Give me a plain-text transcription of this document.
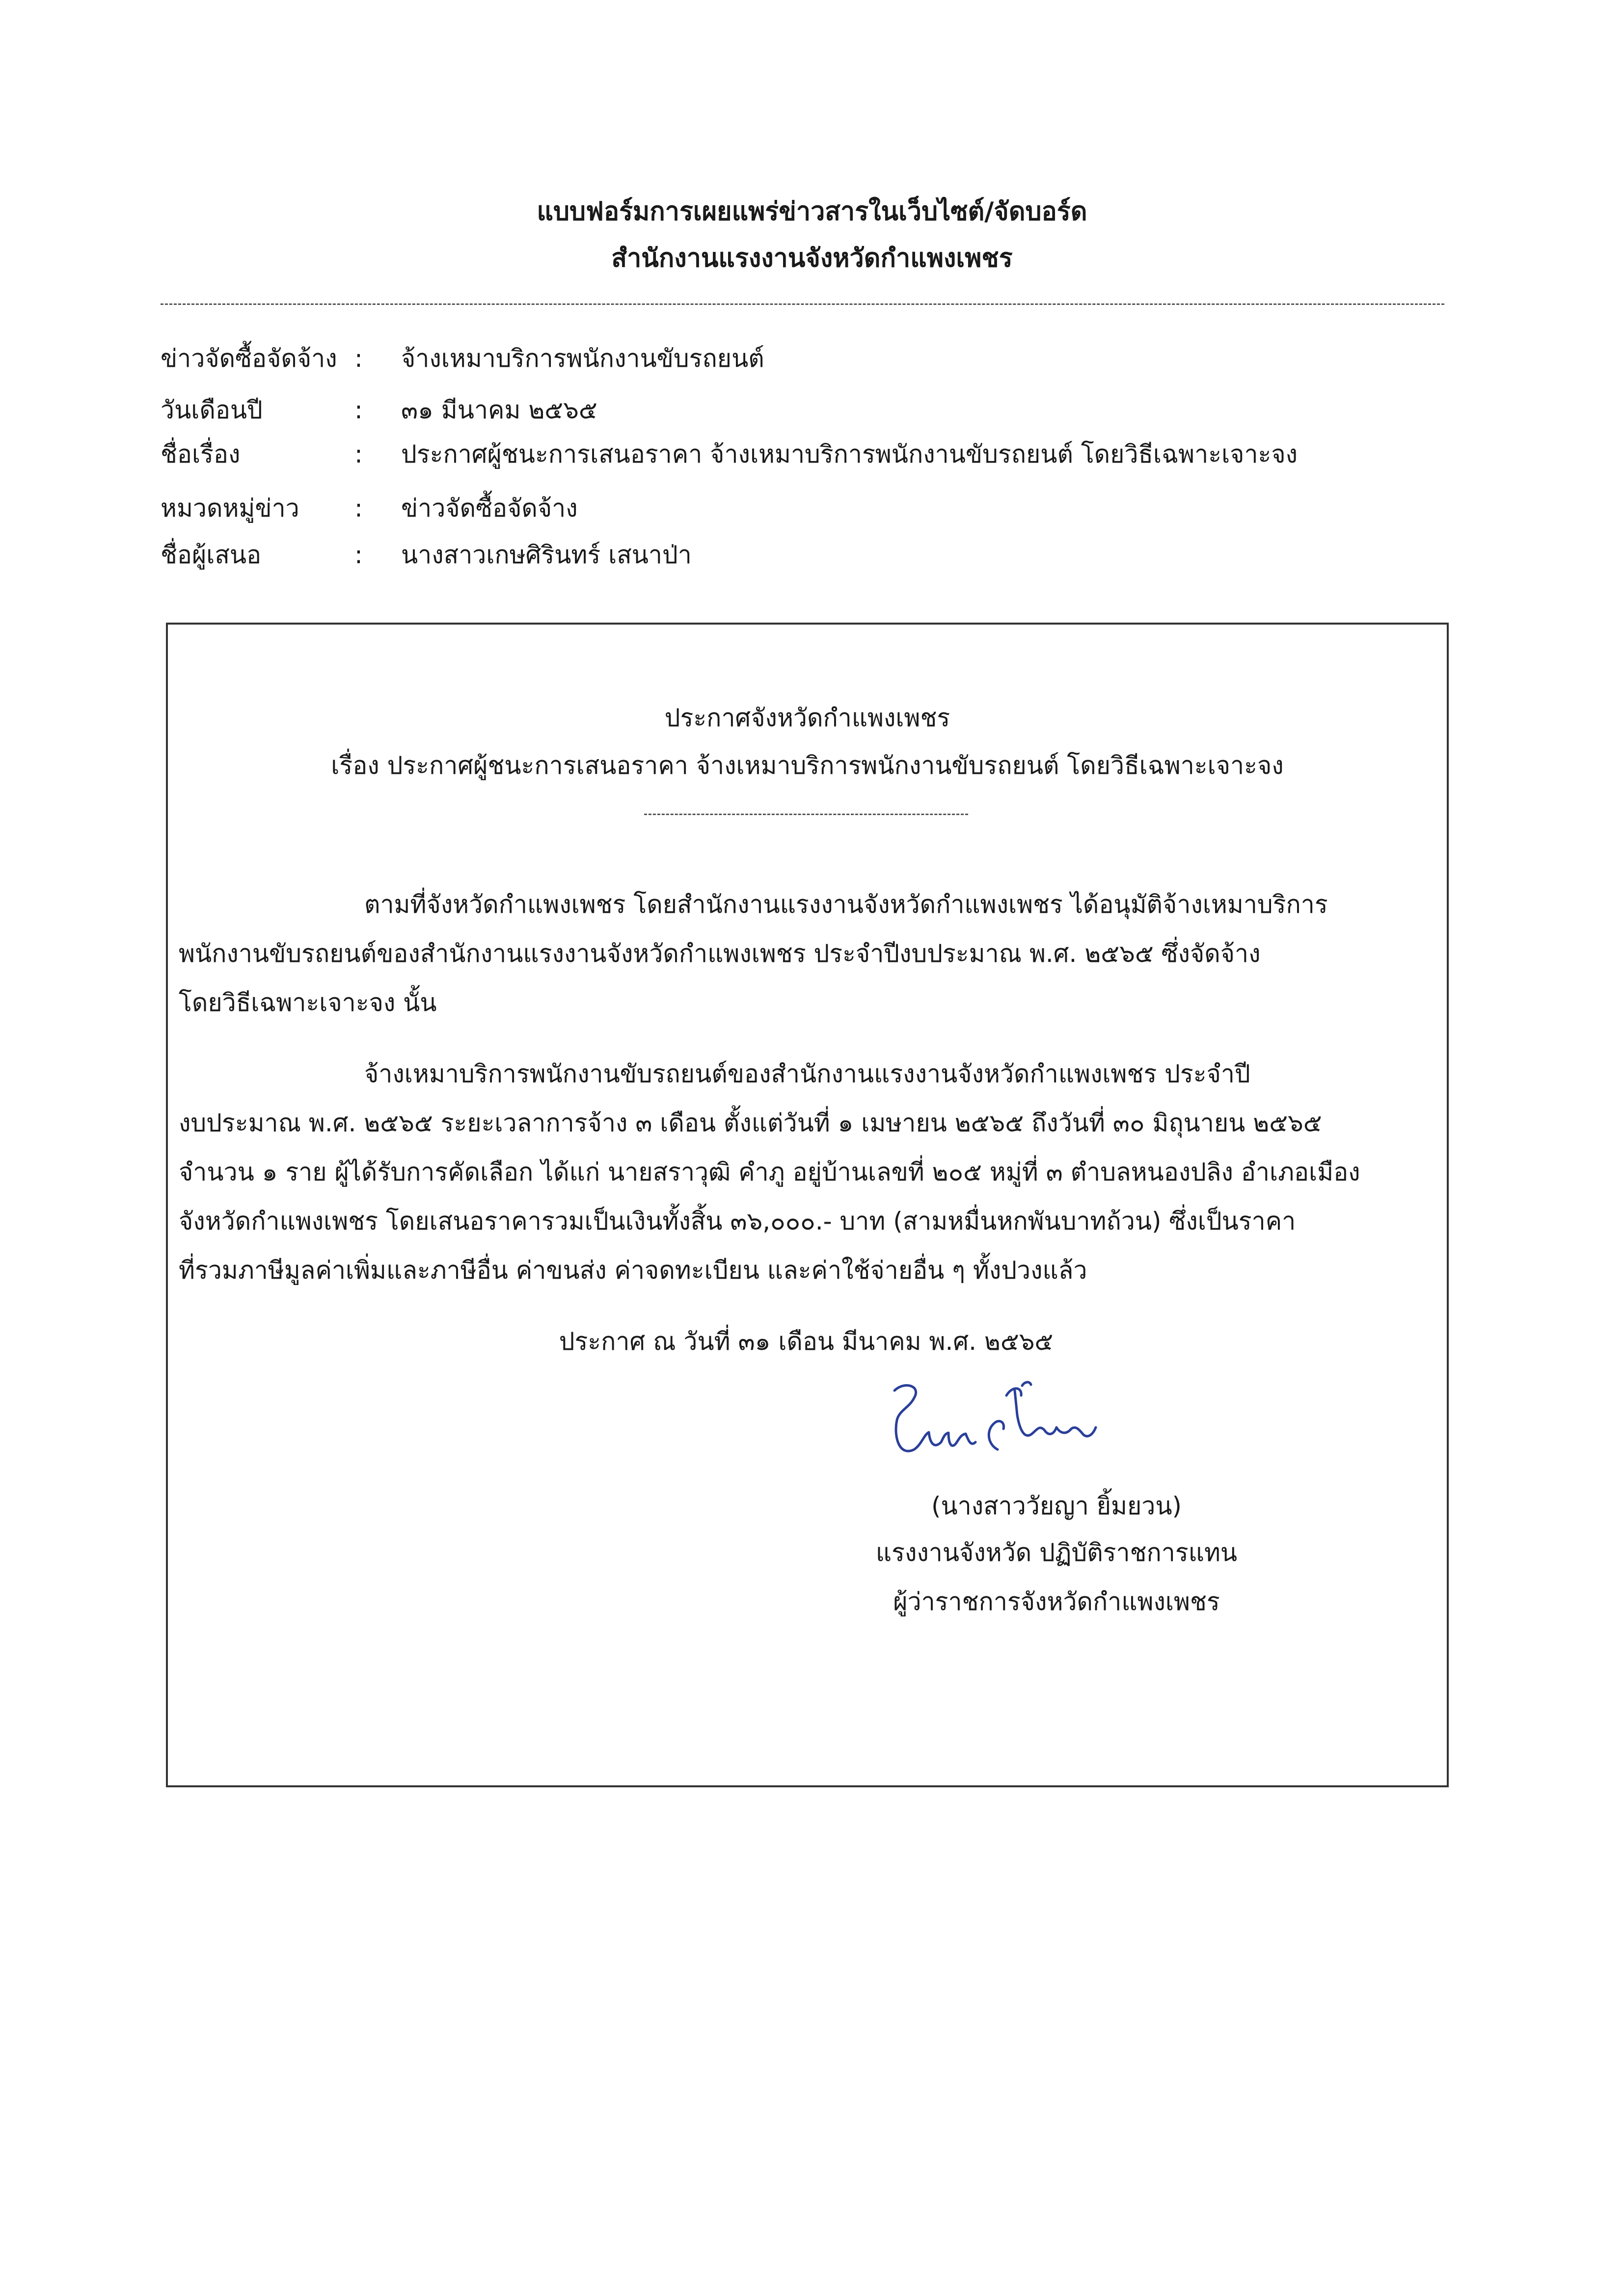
แบบฟอร์มการเผยแพร่ข่าวสารในเว็บไซต์/จัดบอร์ด
สำนักงานแรงงานจังหวัดกำแพงเพชร
ข่าวจัดซื้อจัดจ้าง : จ้างเหมาบริการพนักงานขับรถยนต์
วันเดือนปี	: ๓๑ มีนาคม ๒๕๖๕
ชื่อเรื่อง	: ประกาศผู้ชนะการเสนอราคา จ้างเหมาบริการพนักงานขับรถยนต์ โดยวิธีเฉพาะเจาะจง
หมวดหมู่ข่าว : ข่าวจัดซื้อจัดจ้าง
ชื่อผู้เสนอ	: นางสาวเกษศิรินทร์ เสนาป่า
ประกาศจังหวัดกำแพงเพชร
เรื่อง ประกาศผู้ชนะการเสนอราคา จ้างเหมาบริการพนักงานขับรถยนต์ โดยวิธีเฉพาะเจาะจง
ตามที่จังหวัดกำแพงเพชร โดยสำนักงานแรงงานจังหวัดกำแพงเพชร ได้อนุมัติจ้างเหมาบริการ
พนักงานขับรถยนต์ของสำนักงานแรงงานจังหวัดกำแพงเพชร ประจำปีงบประมาณ พ.ศ. ๒๕๖๕ ซึ่งจัดจ้าง
โดยวิธีเฉพาะเจาะจง นั้น
จ้างเหมาบริการพนักงานขับรถยนต์ของสำนักงานแรงงานจังหวัดกำแพงเพชร ประจำปี
งบประมาณ พ.ศ. ๒๕๖๕ ระยะเวลาการจ้าง ๓ เดือน ตั้งแต่วันที่ ๑ เมษายน ๒๕๖๕ ถึงวันที่ ๓๐ มิถุนายน ๒๕๖๕
จำนวน ๑ ราย ผู้ได้รับการคัดเลือก ได้แก่ นายสราวุฒิ คำภู อยู่บ้านเลขที่ ๒๐๕ หมู่ที่ ๓ ตำบลหนองปลิง อำเภอเมือง
จังหวัดกำแพงเพชร โดยเสนอราคารวมเป็นเงินทั้งสิ้น ๓๖,๐๐๐.- บาท (สามหมื่นหกพันบาทถ้วน) ซึ่งเป็นราคา
ที่รวมภาษีมูลค่าเพิ่มและภาษีอื่น ค่าขนส่ง ค่าจดทะเบียน และค่าใช้จ่ายอื่น ๆ ทั้งปวงแล้ว
ประกาศ ณ วันที่ ๓๑ เดือน มีนาคม พ.ศ. ๒๕๖๕
(นางสาววัยญา ยิ้มยวน)
แรงงานจังหวัด ปฏิบัติราชการแทน
ผู้ว่าราชการจังหวัดกำแพงเพชร
